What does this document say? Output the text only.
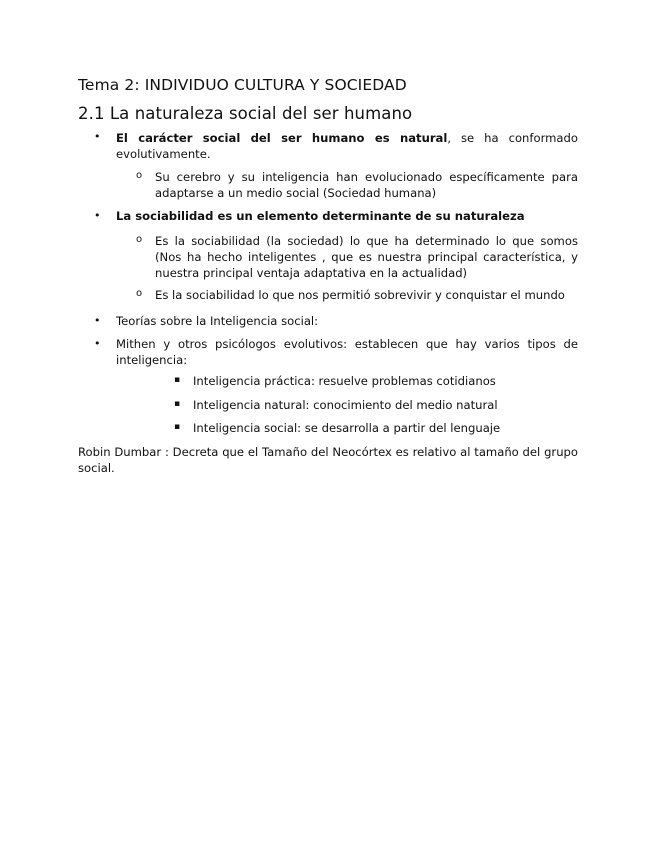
Tema 2: INDIVIDUO CULTURA Y SOCIEDAD
2.1 La naturaleza social del ser humano
• El carácter social del ser humano es natural, se ha conformado evolutivamente.
o Su cerebro y su inteligencia han evolucionado específicamente para adaptarse a un medio social (Sociedad humana)
• La sociabilidad es un elemento determinante de su naturaleza
o Es la sociabilidad (la sociedad) lo que ha determinado lo que somos (Nos ha hecho inteligentes , que es nuestra principal característica, y nuestra principal ventaja adaptativa en la actualidad)
o Es la sociabilidad lo que nos permitió sobrevivir y conquistar el mundo
• Teorías sobre la Inteligencia social:
• Mithen y otros psicólogos evolutivos: establecen que hay varios tipos de inteligencia:
▪ Inteligencia práctica: resuelve problemas cotidianos
▪ Inteligencia natural: conocimiento del medio natural
▪ Inteligencia social: se desarrolla a partir del lenguaje
Robin Dumbar : Decreta que el Tamaño del Neocórtex es relativo al tamaño del grupo social.
